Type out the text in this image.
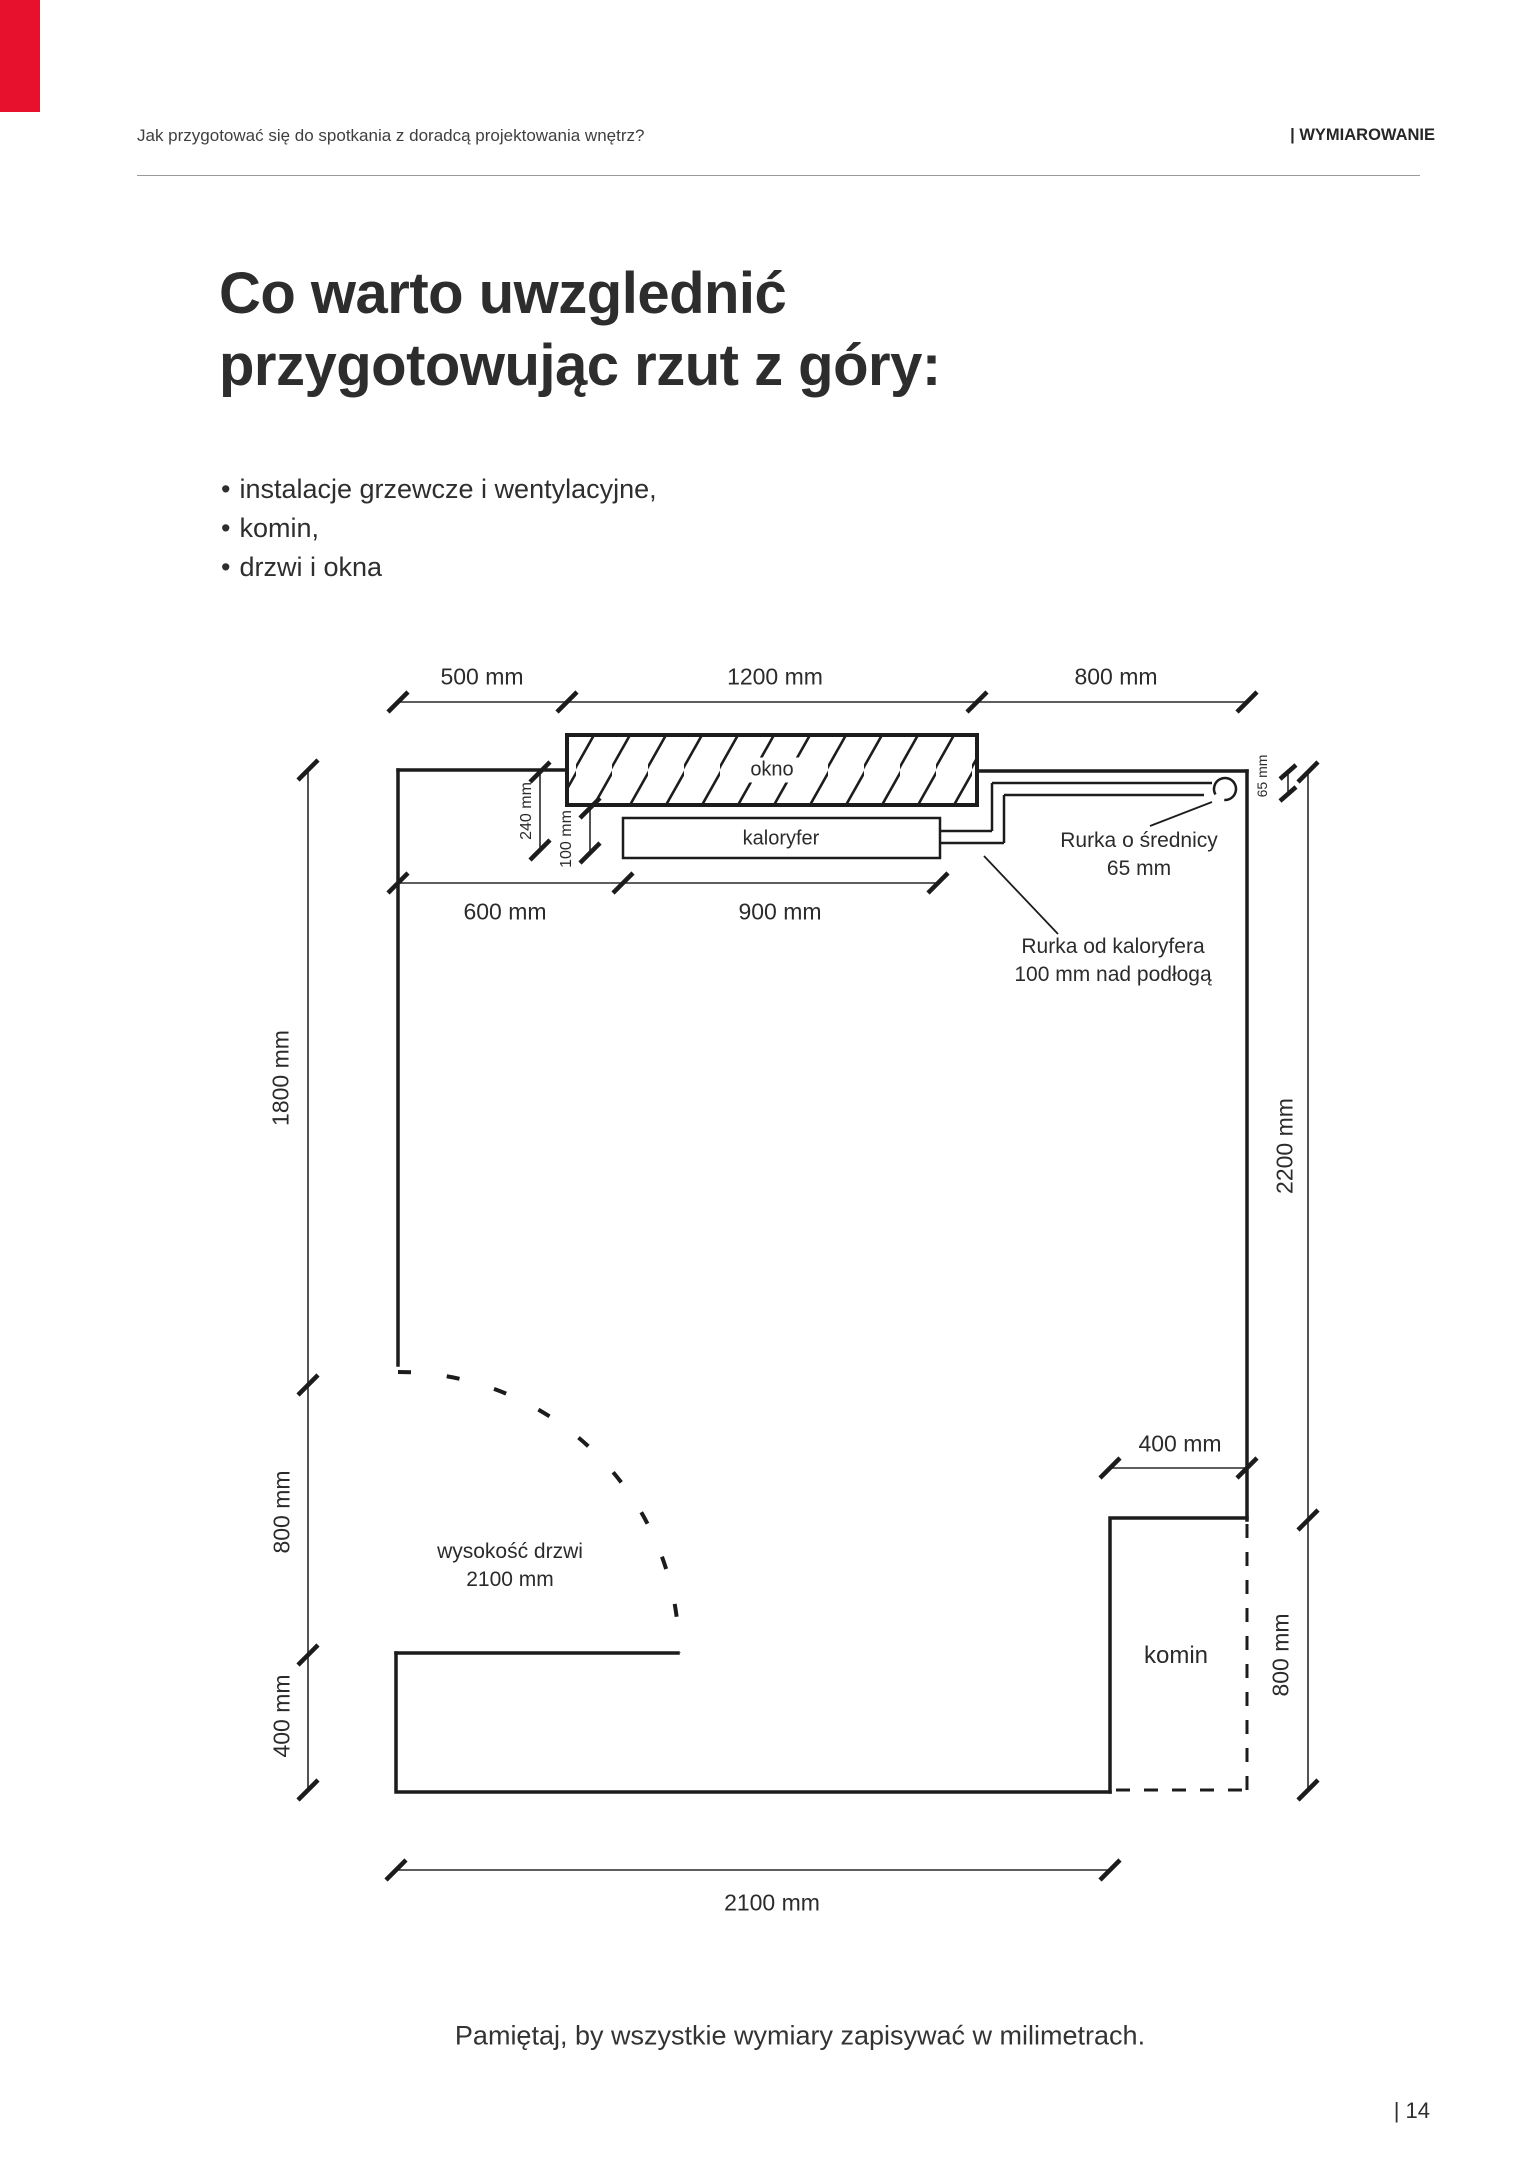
Jak przygotować się do spotkania z doradcą projektowania wnętrz?	| WYMIAROWANIE
Co warto uwzglednić
przygotowując rzut z góry:
• instalacje grzewcze i wentylacyjne,
• komin,
• drzwi i okna
500 mm	1200 mm	800 mm
600 mm	900 mm
240 mm 100 mm
65 mm
1800 mm
800 mm
400 mm
2200 mm
800 mm
400 mm
2100 mm
okno
kaloryfer
komin
Rurka o średnicy
65 mm
Rurka od kaloryfera
100 mm nad podłogą
wysokość drzwi
2100 mm
Pamiętaj, by wszystkie wymiary zapisywać w milimetrach.
| 14
